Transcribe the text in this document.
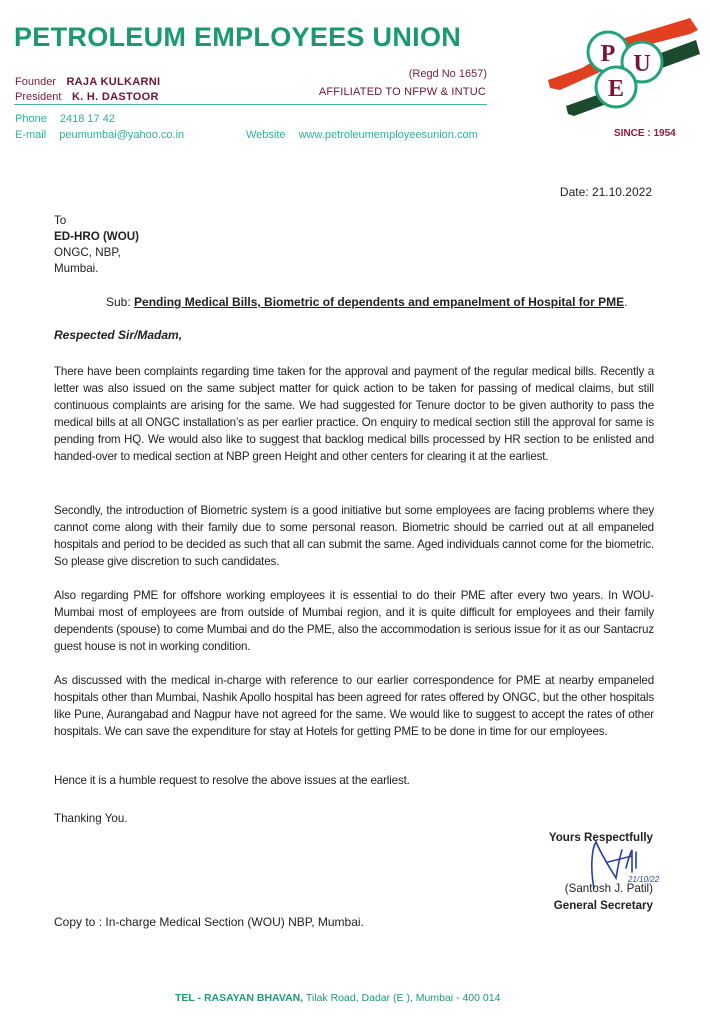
PETROLEUM EMPLOYEES UNION
Founder RAJA KULKARNI
President K. H. DASTOOR
(Regd No 1657)
AFFILIATED TO NFPW & INTUC
Phone 2418 17 42
E-mail peumumbai@yahoo.co.in	Website www.petroleumemployeesunion.com
P U
E
SINCE : 1954
Date: 21.10.2022
To
ED-HRO (WOU)
ONGC, NBP,
Mumbai.
Sub: Pending Medical Bills, Biometric of dependents and empanelment of Hospital for PME.
Respected Sir/Madam,
There have been complaints regarding time taken for the approval and payment of the regular medical bills. Recently a letter was also issued on the same subject matter for quick action to be taken for passing of medical claims, but still continuous complaints are arising for the same. We had suggested for Tenure doctor to be given authority to pass the medical bills at all ONGC installation’s as per earlier practice. On enquiry to medical section still the approval for same is pending from HQ. We would also like to suggest that backlog medical bills processed by HR section to be enlisted and handed-over to medical section at NBP green Height and other centers for clearing it at the earliest.
Secondly, the introduction of Biometric system is a good initiative but some employees are facing problems where they cannot come along with their family due to some personal reason. Biometric should be carried out at all empaneled hospitals and period to be decided as such that all can submit the same. Aged individuals cannot come for the biometric. So please give discretion to such candidates.
Also regarding PME for offshore working employees it is essential to do their PME after every two years. In WOU-Mumbai most of employees are from outside of Mumbai region, and it is quite difficult for employees and their family dependents (spouse) to come Mumbai and do the PME, also the accommodation is serious issue for it as our Santacruz guest house is not in working condition.
As discussed with the medical in-charge with reference to our earlier correspondence for PME at nearby empaneled hospitals other than Mumbai, Nashik Apollo hospital has been agreed for rates offered by ONGC, but the other hospitals like Pune, Aurangabad and Nagpur have not agreed for the same. We would like to suggest to accept the rates of other hospitals. We can save the expenditure for stay at Hotels for getting PME to be done in time for our employees.
Hence it is a humble request to resolve the above issues at the earliest.
Thanking You.
Yours Respectfully
21/10/22
(Santosh J. Patil)
General Secretary
Copy to : In-charge Medical Section (WOU) NBP, Mumbai.
TEL - RASAYAN BHAVAN, Tilak Road, Dadar (E ), Mumbai - 400 014
